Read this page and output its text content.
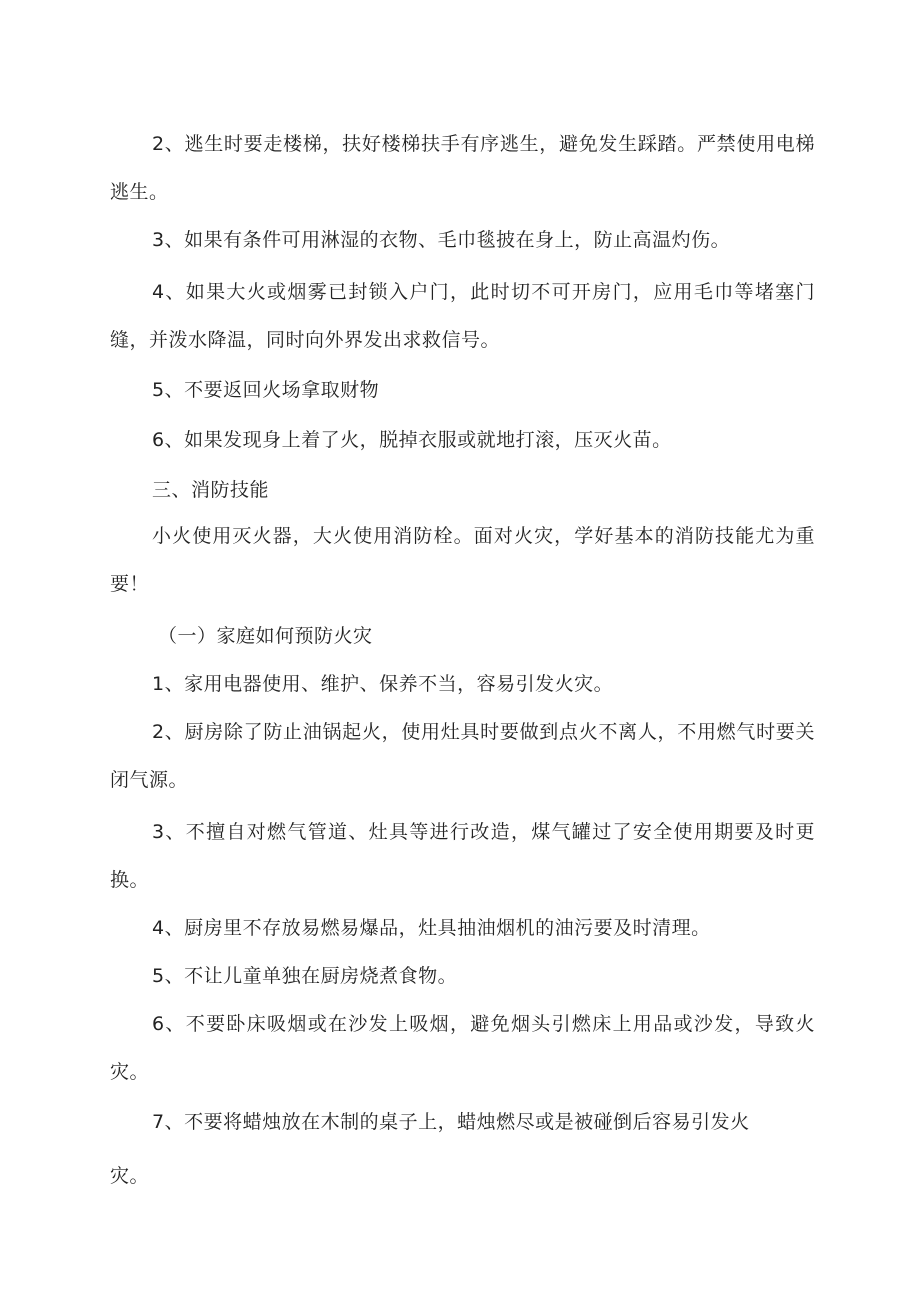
2、逃生时要走楼梯，扶好楼梯扶手有序逃生，避免发生踩踏。严禁使用电梯逃生。

3、如果有条件可用淋湿的衣物、毛巾毯披在身上，防止高温灼伤。

4、如果大火或烟雾已封锁入户门，此时切不可开房门，应用毛巾等堵塞门缝，并泼水降温，同时向外界发出求救信号。

5、不要返回火场拿取财物

6、如果发现身上着了火，脱掉衣服或就地打滚，压灭火苗。

三、消防技能

小火使用灭火器，大火使用消防栓。面对火灾，学好基本的消防技能尤为重要！

（一）家庭如何预防火灾

1、家用电器使用、维护、保养不当，容易引发火灾。

2、厨房除了防止油锅起火，使用灶具时要做到点火不离人，不用燃气时要关闭气源。

3、不擅自对燃气管道、灶具等进行改造，煤气罐过了安全使用期要及时更换。

4、厨房里不存放易燃易爆品，灶具抽油烟机的油污要及时清理。

5、不让儿童单独在厨房烧煮食物。

6、不要卧床吸烟或在沙发上吸烟，避免烟头引燃床上用品或沙发，导致火灾。

7、不要将蜡烛放在木制的桌子上，蜡烛燃尽或是被碰倒后容易引发火

灾。
